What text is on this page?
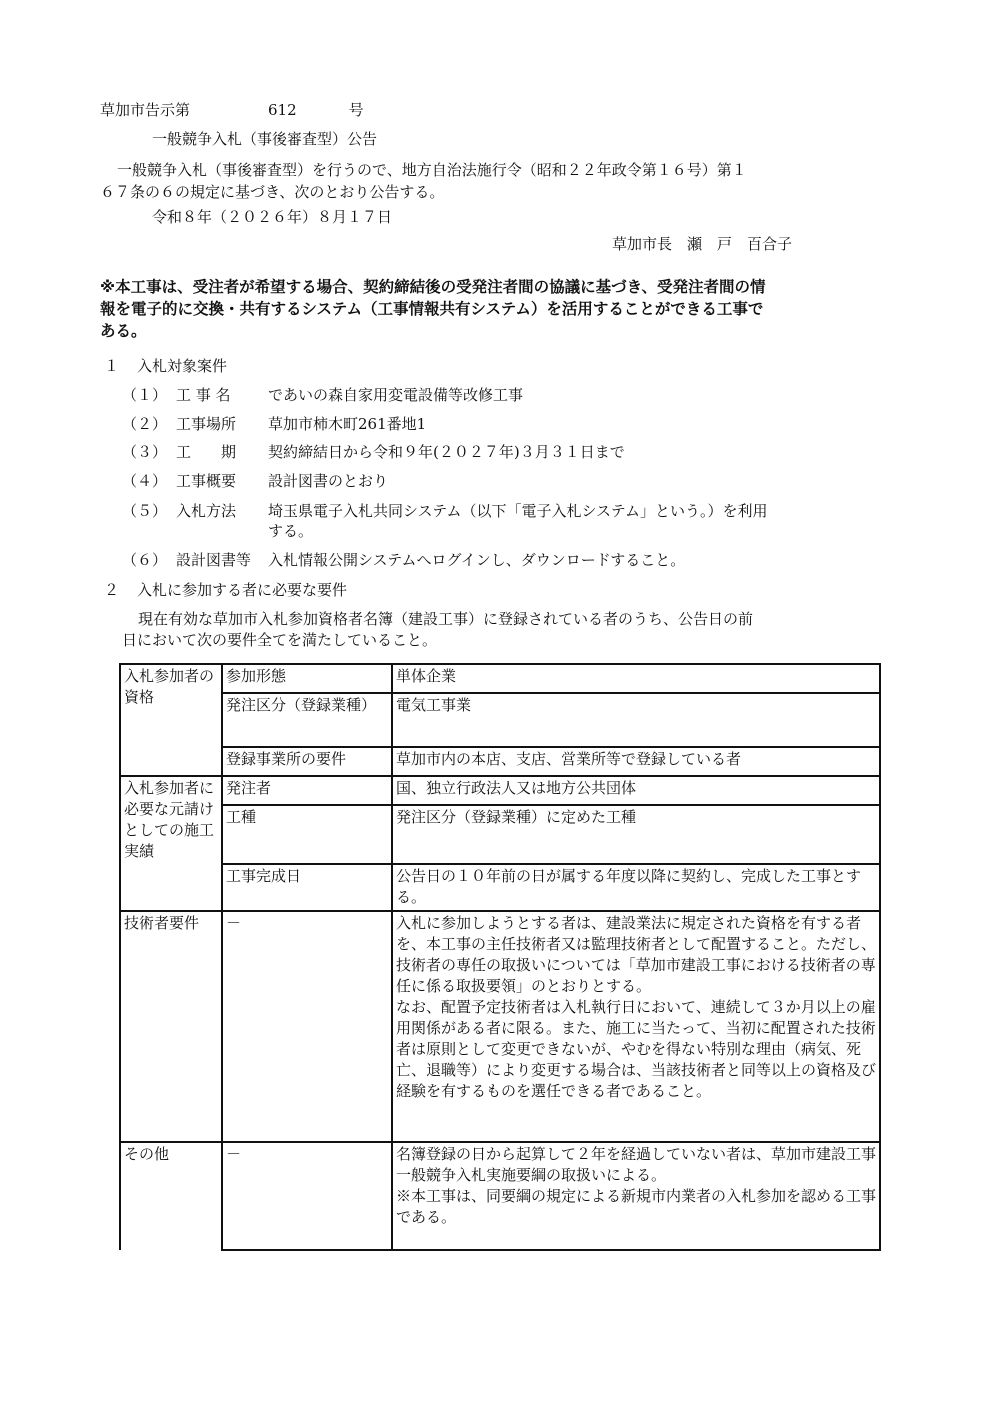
草加市告示第	612	号
一般競争入札（事後審査型）公告
一般競争入札（事後審査型）を行うので、地方自治法施行令（昭和２２年政令第１６号）第１
６７条の６の規定に基づき、次のとおり公告する。
令和８年（２０２６年）８月１７日
草加市長　瀬　戸　百合子
※本工事は、受注者が希望する場合、契約締結後の受発注者間の協議に基づき、受発注者間の情
報を電子的に交換・共有するシステム（工事情報共有システム）を活用することができる工事で
ある。
１ 入札対象案件
（１） 工 事 名 であいの森自家用変電設備等改修工事
（２） 工事場所 草加市柿木町261番地1
（３） 工　　期 契約締結日から令和９年(２０２７年)３月３１日まで
（４） 工事概要 設計図書のとおり
（５） 入札方法 埼玉県電子入札共同システム（以下「電子入札システム」という。）を利用
する。
（６） 設計図書等 入札情報公開システムへログインし、ダウンロードすること。
２ 入札に参加する者に必要な要件
現在有効な草加市入札参加資格者名簿（建設工事）に登録されている者のうち、公告日の前
日において次の要件全てを満たしていること。
入札参加者の資格	参加形態	単体企業
	発注区分（登録業種）	電気工事業
	登録事業所の要件	草加市内の本店、支店、営業所等で登録している者
入札参加者に必要な元請けとしての施工実績	発注者	国、独立行政法人又は地方公共団体
	工種	発注区分（登録業種）に定めた工種
	工事完成日	公告日の１０年前の日が属する年度以降に契約し、完成した工事とする。
技術者要件	－	入札に参加しようとする者は、建設業法に規定された資格を有する者を、本工事の主任技術者又は監理技術者として配置すること。ただし、技術者の専任の取扱いについては「草加市建設工事における技術者の専任に係る取扱要領」のとおりとする。
なお、配置予定技術者は入札執行日において、連続して３か月以上の雇用関係がある者に限る。また、施工に当たって、当初に配置された技術者は原則として変更できないが、やむを得ない特別な理由（病気、死亡、退職等）により変更する場合は、当該技術者と同等以上の資格及び経験を有するものを選任できる者であること。

その他	－	名簿登録の日から起算して２年を経過していない者は、草加市建設工事一般競争入札実施要綱の取扱いによる。
※本工事は、同要綱の規定による新規市内業者の入札参加を認める工事である。
